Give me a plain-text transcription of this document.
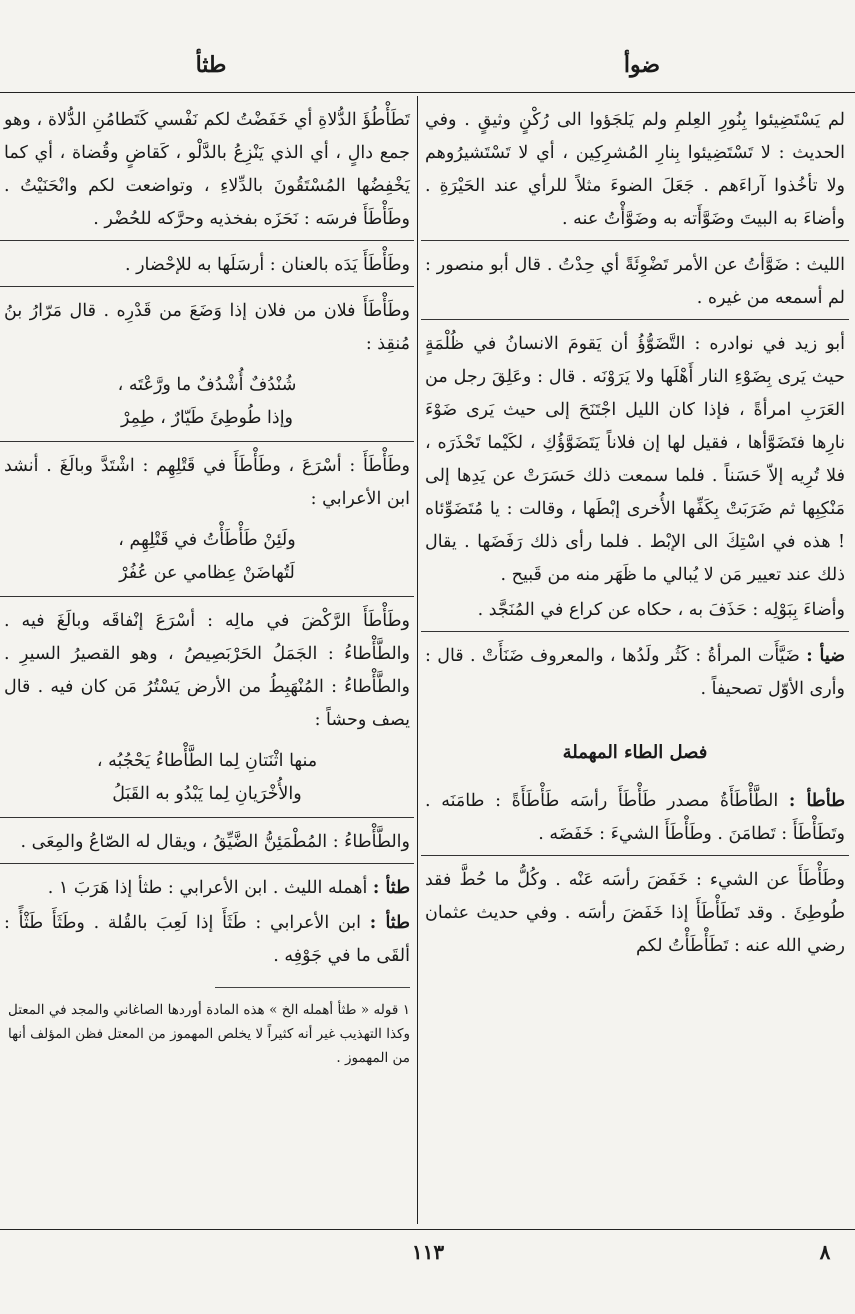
ضوأ
طثأ

لم يَسْتَضِيئوا بِنُورِ العِلمِ ولم يَلجَؤوا الى رُكْنٍ وثيقٍ . وفي الحديث : لا تَسْتَضِيئوا بِنارِ المُشرِكِين ، أي لا تَسْتَشيرُوهم ولا تأخُذوا آراءَهم . جَعَلَ الضوءَ مثلاً للرأي عند الحَيْرَةِ . وأضاءَ به البيتَ وضَوَّأَته به وضَوَّأْتُ عنه .

الليث : ضَوَّأتُ عن الأمر تَضْوِئَةً أي حِدْتُ . قال أبو منصور : لم أسمعه من غيره .

أبو زيد في نوادره : التَّضَوُّؤُ أن يَقومَ الانسانُ في ظُلْمَةٍ حيث يَرى بِضَوْءِ النار أَهْلَها ولا يَرَوْنَه . قال : وعَلِقَ رجل من العَرَبِ امرأةً ، فإذا كان الليل اجْتَنَحَ إلى حيث يَرى ضَوْءَ نارِها فتَضَوَّأها ، فقيل لها إن فلاناً يَتَضَوَّؤُكِ ، لكَيْما تَحْذَرَه ، فلا تُرِيه إلاّ حَسَناً . فلما سمعت ذلك حَسَرَتْ عن يَدِها إلى مَنْكِبِها ثم ضَرَبَتْ بِكَفِّها الأُخرى إبْطَها ، وقالت : يا مُتَضَوِّئاه ! هذه في اسْتِكَ الى الإبْط . فلما رأى ذلك رَفَضَها . يقال ذلك عند تعيير مَن لا يُبالي ما ظَهَر منه من قَبيح .

وأضاءَ بِبَوْلِه : حَذَفَ به ، حكاه عن كراع في المُنَجَّد .

ضيأ : ضَيَّأَت المرأةُ : كَثُر ولَدُها ، والمعروف ضَنَأَتْ . قال : وأرى الأوّل تصحيفاً .

فصل الطاء المهملة

طأطأ : الطَّأْطَأَةُ مصدر طَأْطَأَ رأسَه طَأْطَأَةً : طامَنَه . وتَطَأْطَأَ : تَطامَنَ . وطَأْطَأَ الشيءَ : خَفَضَه .

وطَأْطَأَ عن الشيء : خَفَضَ رأسَه عَنْه . وكُلُّ ما حُطَّ فقد طُوطِئَ . وقد تَطَأْطَأَ إذا خَفَضَ رأسَه . وفي حديث عثمان رضي الله عنه : تَطَأْطَأْتُ لكم

تَطَأْطُؤَ الدُّلاةِ أي خَفَضْتُ لكم نَفْسي كَتَطامُنِ الدُّلاة ، وهو جمع دالٍ ، أي الذي يَنْزِعُ بالدَّلْو ، كَقاضٍ وقُضاة ، أي كما يَخْفِضُها المُسْتَقُونَ بالدِّلاءِ ، وتواضعت لكم وانْحَنَيْتُ . وطَأْطَأَ فرسَه : نَحَزَه بفخذيه وحرَّكه للحُضْر .

وطَأْطَأَ يَدَه بالعنان : أرسَلَها به للإحْضار .

وطَأْطَأَ فلان من فلان إذا وَضَعَ من قَدْرِه . قال مَرّارُ بنُ مُنقِذ :

شُنْدُفٌ أُشْدُفٌ ما ورَّعْتَه ،
وإذا طُوطِئَ طَيّارٌ ، طِمِرْ

وطَأْطَأَ : أسْرَعَ ، وطَأْطَأَ في قَتْلِهِم : اشْتَدَّ وبالَغَ . أنشد ابن الأعرابي :

ولَئِنْ طَأْطَأْتُ في قَتْلِهِم ،
لَتُهاضَنْ عِظامي عن عُفُرْ

وطَأْطَأَ الرَّكْضَ في مالِه : أسْرَعَ إنْفاقَه وبالَغَ فيه . والطَّأْطاءُ : الجَمَلُ الحَرْبَصِيصُ ، وهو القصيرُ السيرِ . والطَّأْطاءُ : المُنْهَبِطُ من الأرض يَسْتُرُ مَن كان فيه . قال يصف وحشاً :

منها اثْنَتانِ لِما الطَّأْطاءُ يَحْجُبُه ،
والأُخْرَيانِ لِما يَبْدُو به القَبَلُ

والطَّأْطاءُ : المُطْمَئِنُّ الضَّيِّقُ ، ويقال له الصّاعُ والمِعَى .

طثأ : أهمله الليث . ابن الأعرابي : طثأ إذا هَرَبَ ١ .

طثأ : ابن الأعرابي : طَثَأَ إذا لَعِبَ بالقُلة . وطَثَأَ طَثْأً : ألقَى ما في جَوْفِه .

١ قوله « طثأ أهمله الخ » هذه المادة أوردها الصاغاني والمجد في المعتل وكذا التهذيب غير أنه كثيراً لا يخلص المهموز من المعتل فظن المؤلف أنها من المهموز .
١١٣	٨
